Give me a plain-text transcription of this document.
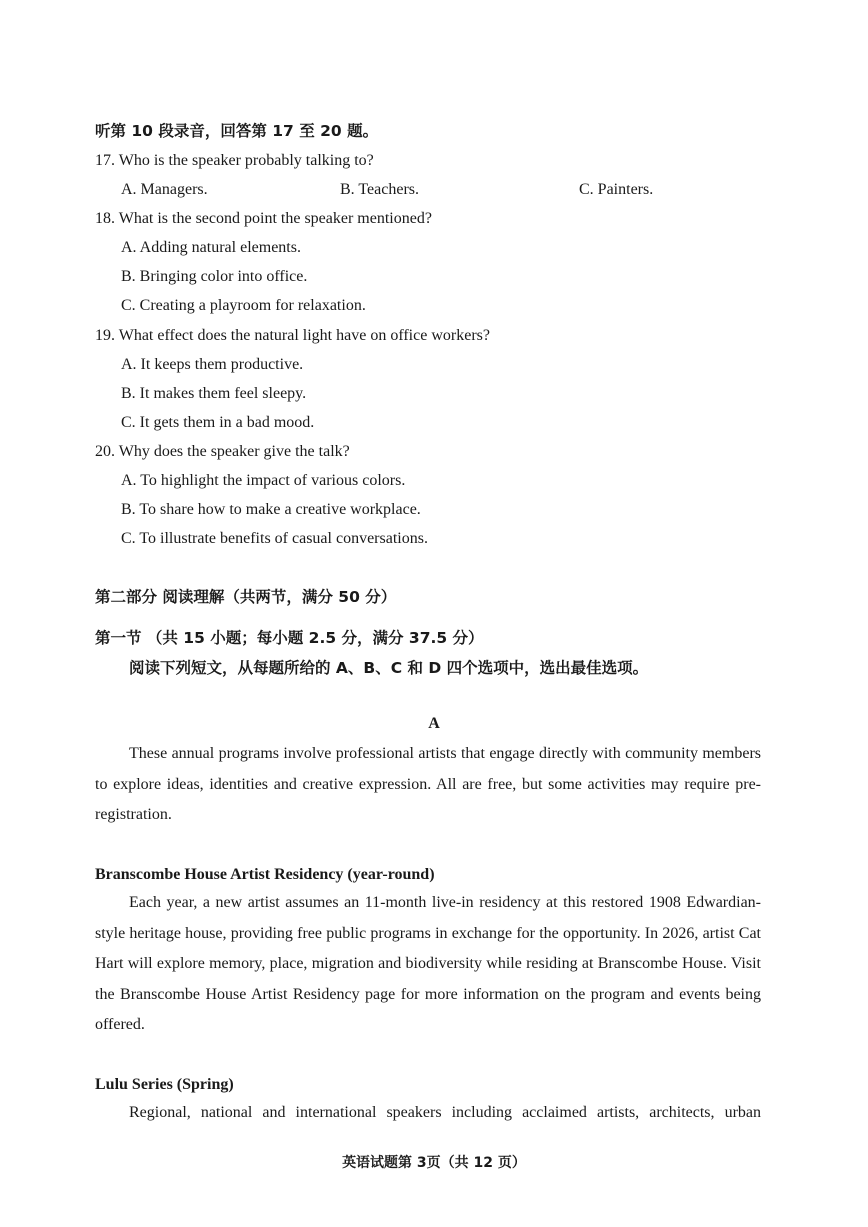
听第 10 段录音，回答第 17 至 20 题。
17. Who is the speaker probably talking to?
A. Managers.	B. Teachers.	C. Painters.
18. What is the second point the speaker mentioned?
A. Adding natural elements.
B. Bringing color into office.
C. Creating a playroom for relaxation.
19. What effect does the natural light have on office workers?
A. It keeps them productive.
B. It makes them feel sleepy.
C. It gets them in a bad mood.
20. Why does the speaker give the talk?
A. To highlight the impact of various colors.
B. To share how to make a creative workplace.
C. To illustrate benefits of casual conversations.
第二部分 阅读理解（共两节，满分 50 分）
第一节 （共 15 小题；每小题 2.5 分，满分 37.5 分）
阅读下列短文，从每题所给的 A、B、C 和 D 四个选项中，选出最佳选项。
A
These annual programs involve professional artists that engage directly with community members to explore ideas, identities and creative expression. All are free, but some activities may require pre-registration.
Branscombe House Artist Residency (year-round)
Each year, a new artist assumes an 11-month live-in residency at this restored 1908 Edwardian-style heritage house, providing free public programs in exchange for the opportunity. In 2026, artist Cat Hart will explore memory, place, migration and biodiversity while residing at Branscombe House. Visit the Branscombe House Artist Residency page for more information on the program and events being offered.
Lulu Series (Spring)
Regional, national and international speakers including acclaimed artists, architects, urban
英语试题第 3页（共 12 页）
